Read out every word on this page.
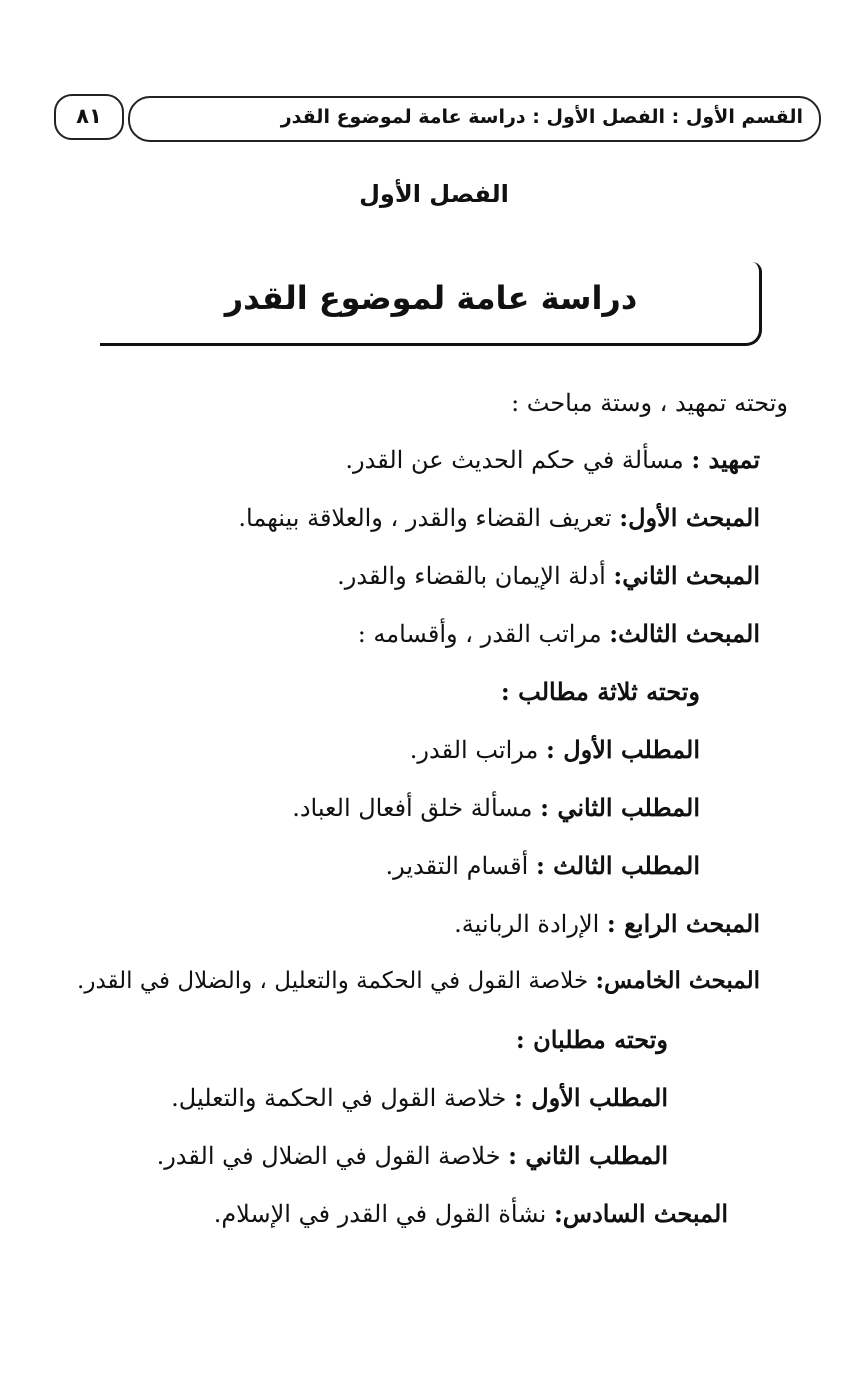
القسم الأول : الفصل الأول : دراسة عامة لموضوع القدر
٨١
الفصل الأول
دراسة عامة لموضوع القدر
وتحته تمهيد ، وستة مباحث :
تمهيد : مسألة في حكم الحديث عن القدر.
المبحث الأول: تعريف القضاء والقدر ، والعلاقة بينهما.
المبحث الثاني: أدلة الإيمان بالقضاء والقدر.
المبحث الثالث: مراتب القدر ، وأقسامه :
وتحته ثلاثة مطالب :
المطلب الأول : مراتب القدر.
المطلب الثاني : مسألة خلق أفعال العباد.
المطلب الثالث : أقسام التقدير.
المبحث الرابع : الإرادة الربانية.
المبحث الخامس: خلاصة القول في الحكمة والتعليل ، والضلال في القدر.
وتحته مطلبان :
المطلب الأول : خلاصة القول في الحكمة والتعليل.
المطلب الثاني : خلاصة القول في الضلال في القدر.
المبحث السادس: نشأة القول في القدر في الإسلام.
